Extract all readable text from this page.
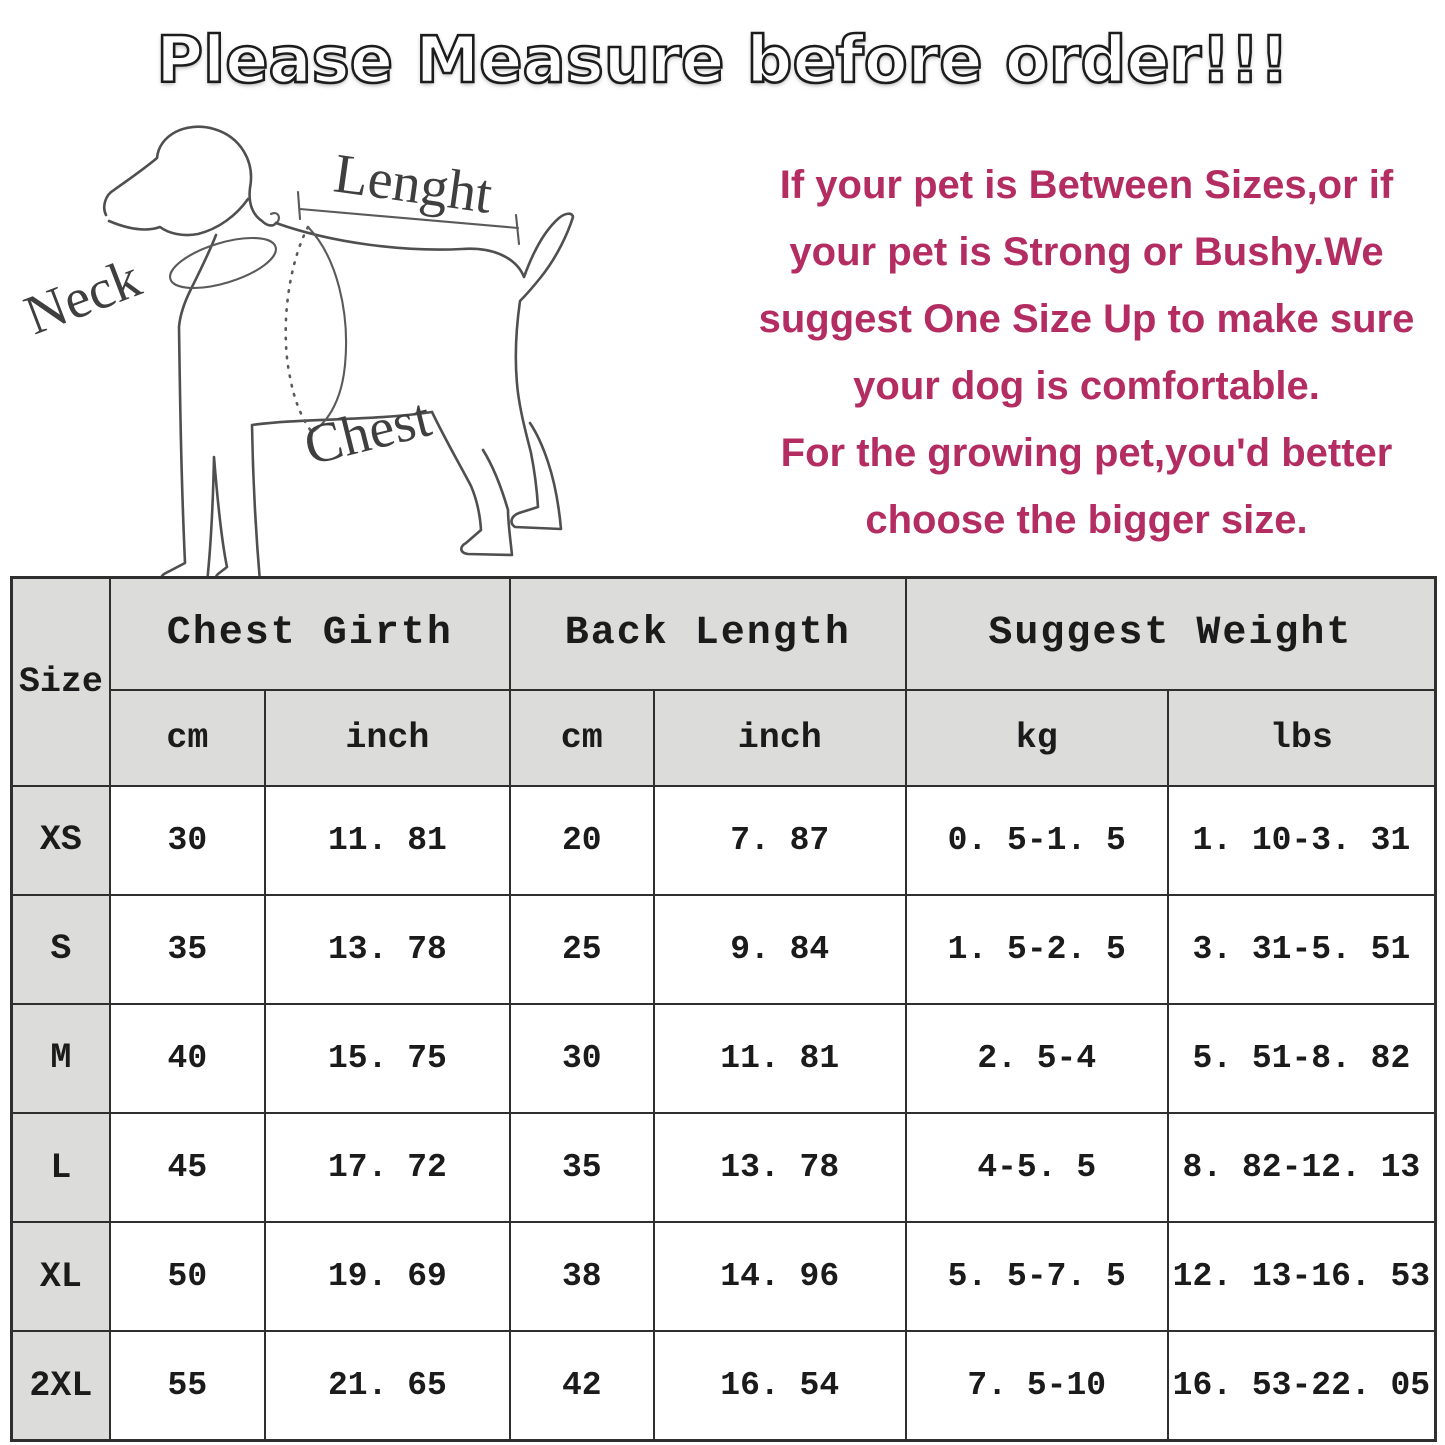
Please Measure before order!!!
Lenght
Neck
Chest
If your pet is Between Sizes,or if
your pet is Strong or Bushy.We
suggest One Size Up to make sure
your dog is comfortable.
For the growing pet,you'd better
choose the bigger size.
Size	Chest Girth		Back Length		Suggest Weight	
	cm	inch	cm	inch	kg	lbs
XS	30	11. 81	20	7. 87	0. 5-1. 5	1. 10-3. 31
S	35	13. 78	25	9. 84	1. 5-2. 5	3. 31-5. 51
M	40	15. 75	30	11. 81	2. 5-4	5. 51-8. 82
L	45	17. 72	35	13. 78	4-5. 5	8. 82-12. 13
XL	50	19. 69	38	14. 96	5. 5-7. 5	12. 13-16. 53
2XL	55	21. 65	42	16. 54	7. 5-10	16. 53-22. 05
